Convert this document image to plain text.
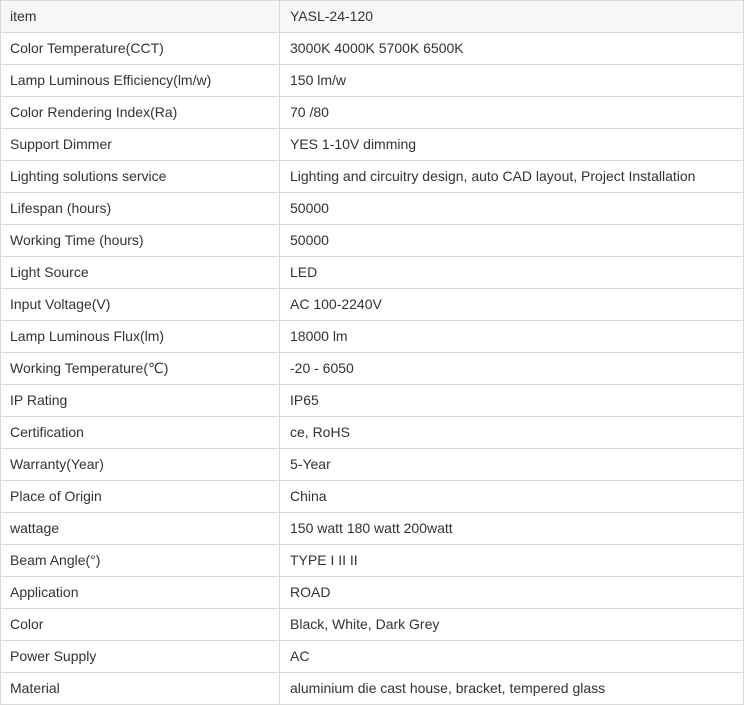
item	YASL-24-120
Color Temperature(CCT)	3000K 4000K 5700K 6500K
Lamp Luminous Efficiency(lm/w)	150 lm/w
Color Rendering Index(Ra)	70 /80
Support Dimmer	YES 1-10V dimming
Lighting solutions service	Lighting and circuitry design, auto CAD layout, Project Installation
Lifespan (hours)	50000
Working Time (hours)	50000
Light Source	LED
Input Voltage(V)	AC 100-2240V
Lamp Luminous Flux(lm)	18000 lm
Working Temperature(℃)	-20 - 6050
IP Rating	IP65
Certification	ce, RoHS
Warranty(Year)	5-Year
Place of Origin	China
wattage	150 watt 180 watt 200watt
Beam Angle(°)	TYPE I II II
Application	ROAD
Color	Black, White, Dark Grey
Power Supply	AC
Material	aluminium die cast house, bracket, tempered glass
